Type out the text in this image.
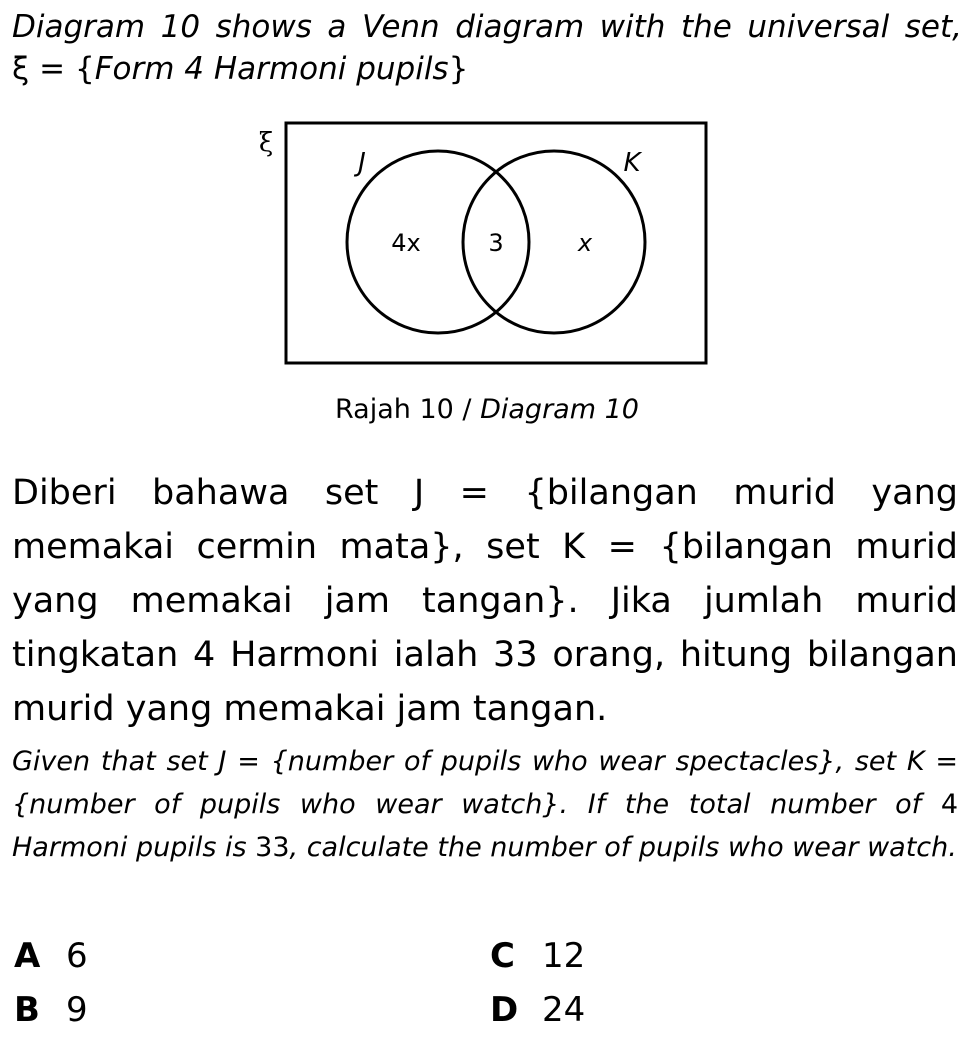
Diagram 10 shows a Venn diagram with the universal set,
ξ = {Form 4 Harmoni pupils}
ξ
J	K
4x	3	x
Rajah 10 / Diagram 10
Diberi bahawa set J = {bilangan murid yang memakai cermin mata}, set K = {bilangan murid yang memakai jam tangan}. Jika jumlah murid tingkatan 4 Harmoni ialah 33 orang, hitung bilangan murid yang memakai jam tangan.
Given that set J = {number of pupils who wear spectacles}, set K = {number of pupils who wear watch}. If the total number of 4 Harmoni pupils is 33, calculate the number of pupils who wear watch.
A 6
B 9
C 12
D 24
